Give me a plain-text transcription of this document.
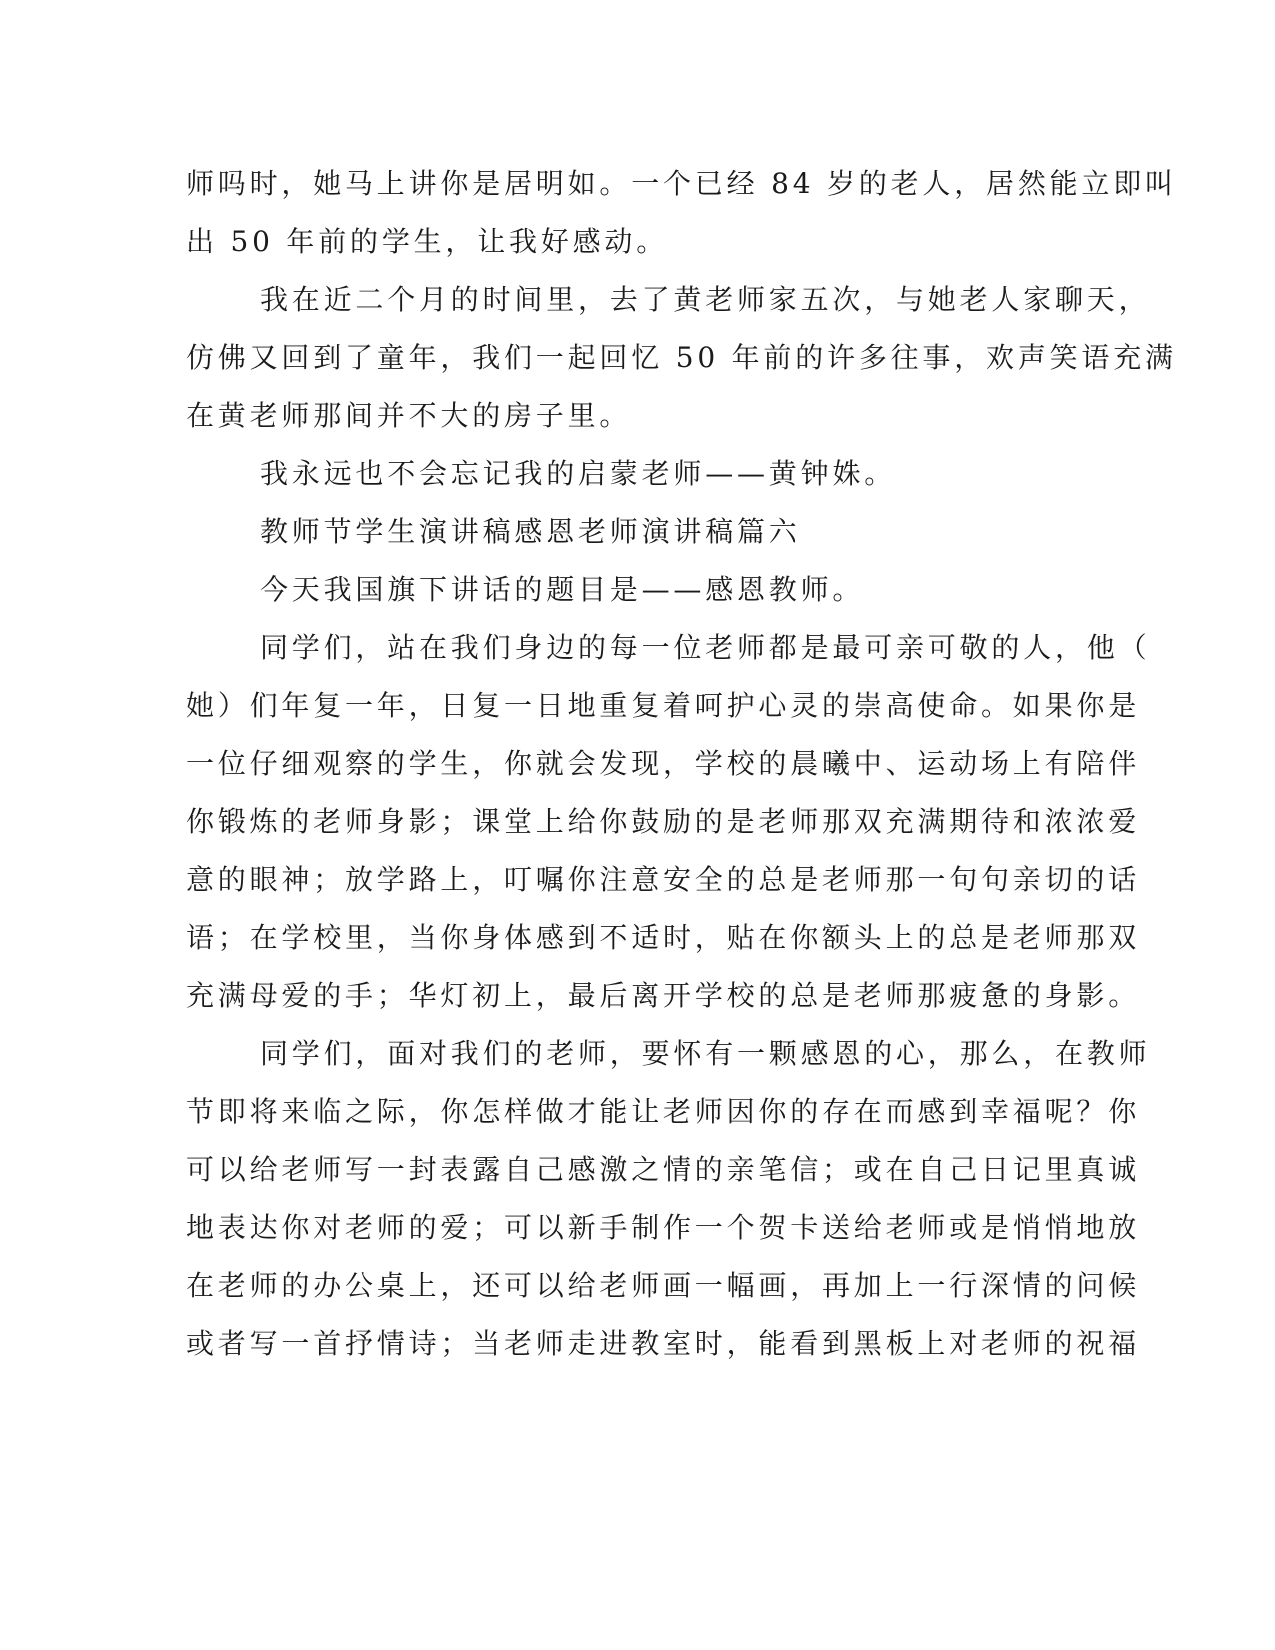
师吗时，她马上讲你是居明如。一个已经 84 岁的老人，居然能立即叫
出 50 年前的学生，让我好感动。
我在近二个月的时间里，去了黄老师家五次，与她老人家聊天，
仿佛又回到了童年，我们一起回忆 50 年前的许多往事，欢声笑语充满
在黄老师那间并不大的房子里。
我永远也不会忘记我的启蒙老师——黄钟姝。
教师节学生演讲稿感恩老师演讲稿篇六
今天我国旗下讲话的题目是——感恩教师。
同学们，站在我们身边的每一位老师都是最可亲可敬的人，他（
她）们年复一年，日复一日地重复着呵护心灵的崇高使命。如果你是
一位仔细观察的学生，你就会发现，学校的晨曦中、运动场上有陪伴
你锻炼的老师身影；课堂上给你鼓励的是老师那双充满期待和浓浓爱
意的眼神；放学路上，叮嘱你注意安全的总是老师那一句句亲切的话
语；在学校里，当你身体感到不适时，贴在你额头上的总是老师那双
充满母爱的手；华灯初上，最后离开学校的总是老师那疲惫的身影。
同学们，面对我们的老师，要怀有一颗感恩的心，那么，在教师
节即将来临之际，你怎样做才能让老师因你的存在而感到幸福呢？你
可以给老师写一封表露自己感激之情的亲笔信；或在自己日记里真诚
地表达你对老师的爱；可以新手制作一个贺卡送给老师或是悄悄地放
在老师的办公桌上，还可以给老师画一幅画，再加上一行深情的问候
或者写一首抒情诗；当老师走进教室时，能看到黑板上对老师的祝福
